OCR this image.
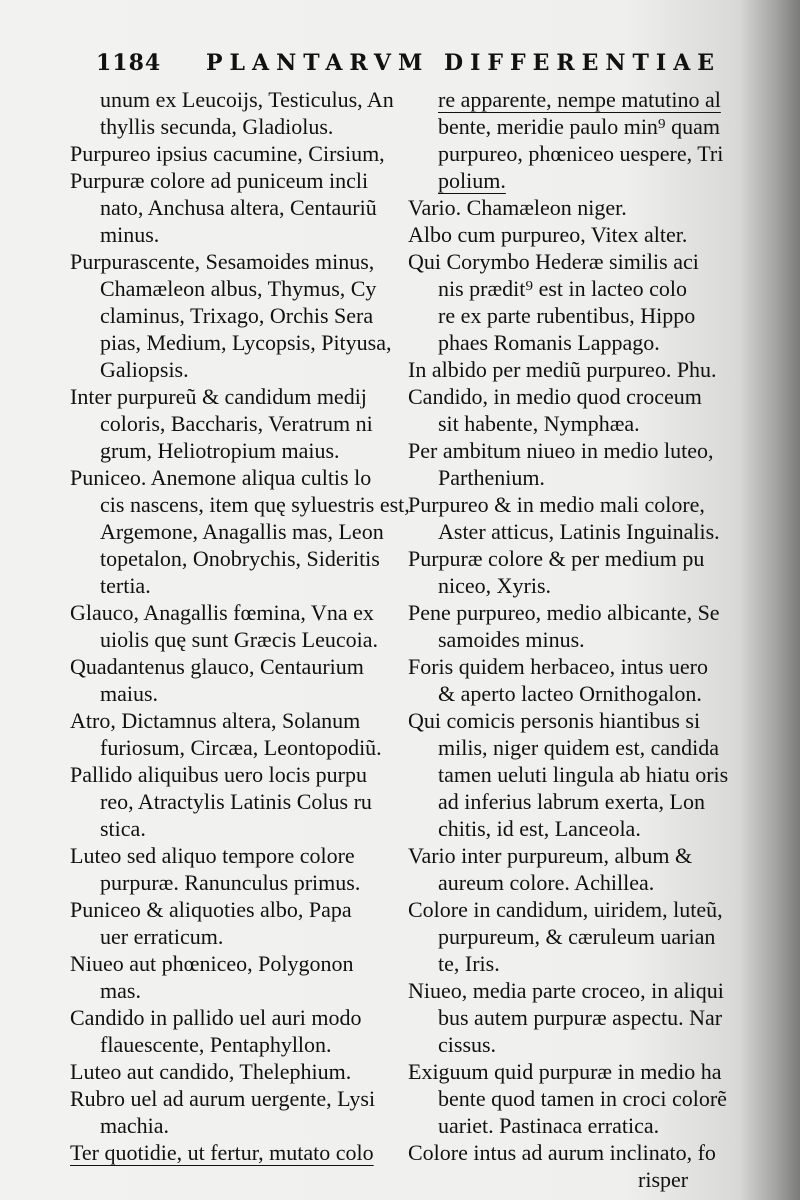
1184 PLANTARVM DIFFERENTIAE
unum ex Leucoijs, Testiculus, An
thyllis secunda, Gladiolus.
Purpureo ipsius cacumine, Cirsium,
Purpuræ colore ad puniceum incli
nato, Anchusa altera, Centauriũ
minus.
Purpurascente, Sesamoides minus,
Chamæleon albus, Thymus, Cy
claminus, Trixago, Orchis Sera
pias, Medium, Lycopsis, Pityusa,
Galiopsis.
Inter purpureũ & candidum medij
coloris, Baccharis, Veratrum ni
grum, Heliotropium maius.
Puniceo. Anemone aliqua cultis lo
cis nascens, item quę syluestris est,
Argemone, Anagallis mas, Leon
topetalon, Onobrychis, Sideritis
tertia.
Glauco, Anagallis fœmina, Vna ex
uiolis quę sunt Græcis Leucoia.
Quadantenus glauco, Centaurium
maius.
Atro, Dictamnus altera, Solanum
furiosum, Circæa, Leontopodiũ.
Pallido aliquibus uero locis purpu
reo, Atractylis Latinis Colus ru
stica.
Luteo sed aliquo tempore colore
purpuræ. Ranunculus primus.
Puniceo & aliquoties albo, Papa
uer erraticum.
Niueo aut phœniceo, Polygonon
mas.
Candido in pallido uel auri modo
flauescente, Pentaphyllon.
Luteo aut candido, Thelephium.
Rubro uel ad aurum uergente, Lysi
machia.
Ter quotidie, ut fertur, mutato colo
re apparente, nempe matutino al
bente, meridie paulo min⁹ quam
purpureo, phœniceo uespere, Tri
polium.
Vario. Chamæleon niger.
Albo cum purpureo, Vitex alter.
Qui Corymbo Hederæ similis aci
nis prædit⁹ est in lacteo colo
re ex parte rubentibus, Hippo
phaes Romanis Lappago.
In albido per mediũ purpureo. Phu.
Candido, in medio quod croceum
sit habente, Nymphæa.
Per ambitum niueo in medio luteo,
Parthenium.
Purpureo & in medio mali colore,
Aster atticus, Latinis Inguinalis.
Purpuræ colore & per medium pu
niceo, Xyris.
Pene purpureo, medio albicante, Se
samoides minus.
Foris quidem herbaceo, intus uero
& aperto lacteo Ornithogalon.
Qui comicis personis hiantibus si
milis, niger quidem est, candida
tamen ueluti lingula ab hiatu oris
ad inferius labrum exerta, Lon
chitis, id est, Lanceola.
Vario inter purpureum, album &
aureum colore. Achillea.
Colore in candidum, uiridem, luteũ,
purpureum, & cæruleum uarian
te, Iris.
Niueo, media parte croceo, in aliqui
bus autem purpuræ aspectu. Nar
cissus.
Exiguum quid purpuræ in medio ha
bente quod tamen in croci colorẽ
uariet. Pastinaca erratica.
Colore intus ad aurum inclinato, fo
risper
